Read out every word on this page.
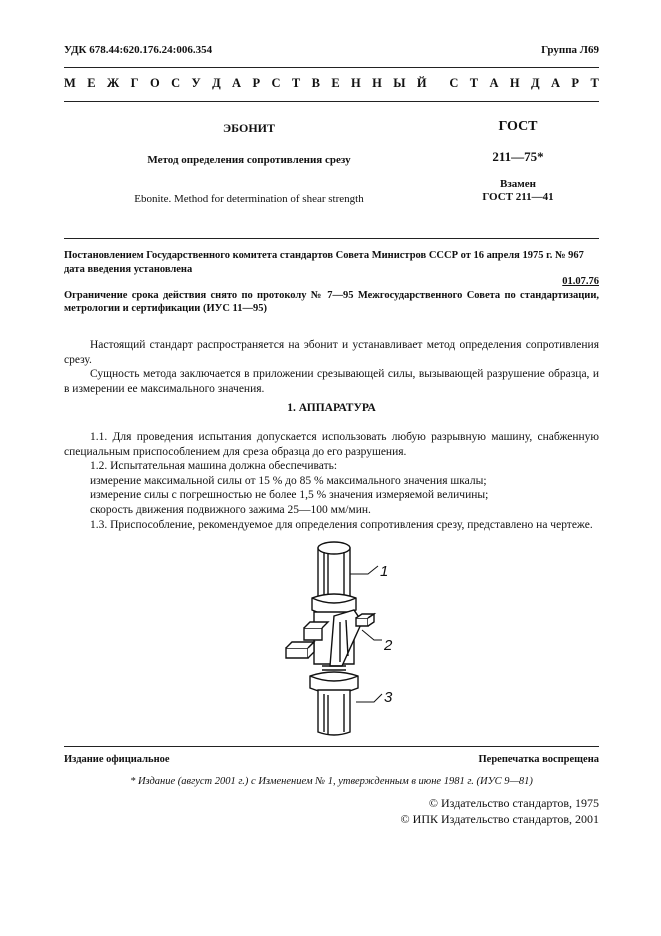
УДК 678.44:620.176.24:006.354	Группа Л69
М Е Ж Г О С У Д А Р С Т В Е Н Н Ы Й С Т А Н Д А Р Т
ЭБОНИТ
Метод определения сопротивления срезу
Ebonite. Method for determination of shear strength
ГОСТ
211—75*
Взамен
ГОСТ 211—41
Постановлением Государственного комитета стандартов Совета Министров СССР от 16 апреля 1975 г. № 967
дата введения установлена
01.07.76
Ограничение срока действия снято по протоколу № 7—95 Межгосударственного Совета по стандартизации, метрологии и сертификации (ИУС 11—95)

Настоящий стандарт распространяется на эбонит и устанавливает метод определения сопротивления срезу.

Сущность метода заключается в приложении срезывающей силы, вызывающей разрушение образца, и в измерении ее максимального значения.

1. АППАРАТУРА

1.1. Для проведения испытания допускается использовать любую разрывную машину, снабженную специальным приспособлением для среза образца до его разрушения.

1.2. Испытательная машина должна обеспечивать:

измерение максимальной силы от 15 % до 85 % максимального значения шкалы;

измерение силы с погрешностью не более 1,5 % значения измеряемой величины;

скорость движения подвижного зажима 25—100 мм/мин.

1.3. Приспособление, рекомендуемое для определения сопротивления срезу, представлено на чертеже.

1
2
3
Издание официальное	Перепечатка воспрещена
* Издание (август 2001 г.) с Изменением № 1, утвержденным в июне 1981 г. (ИУС 9—81)
© Издательство стандартов, 1975
© ИПК Издательство стандартов, 2001
